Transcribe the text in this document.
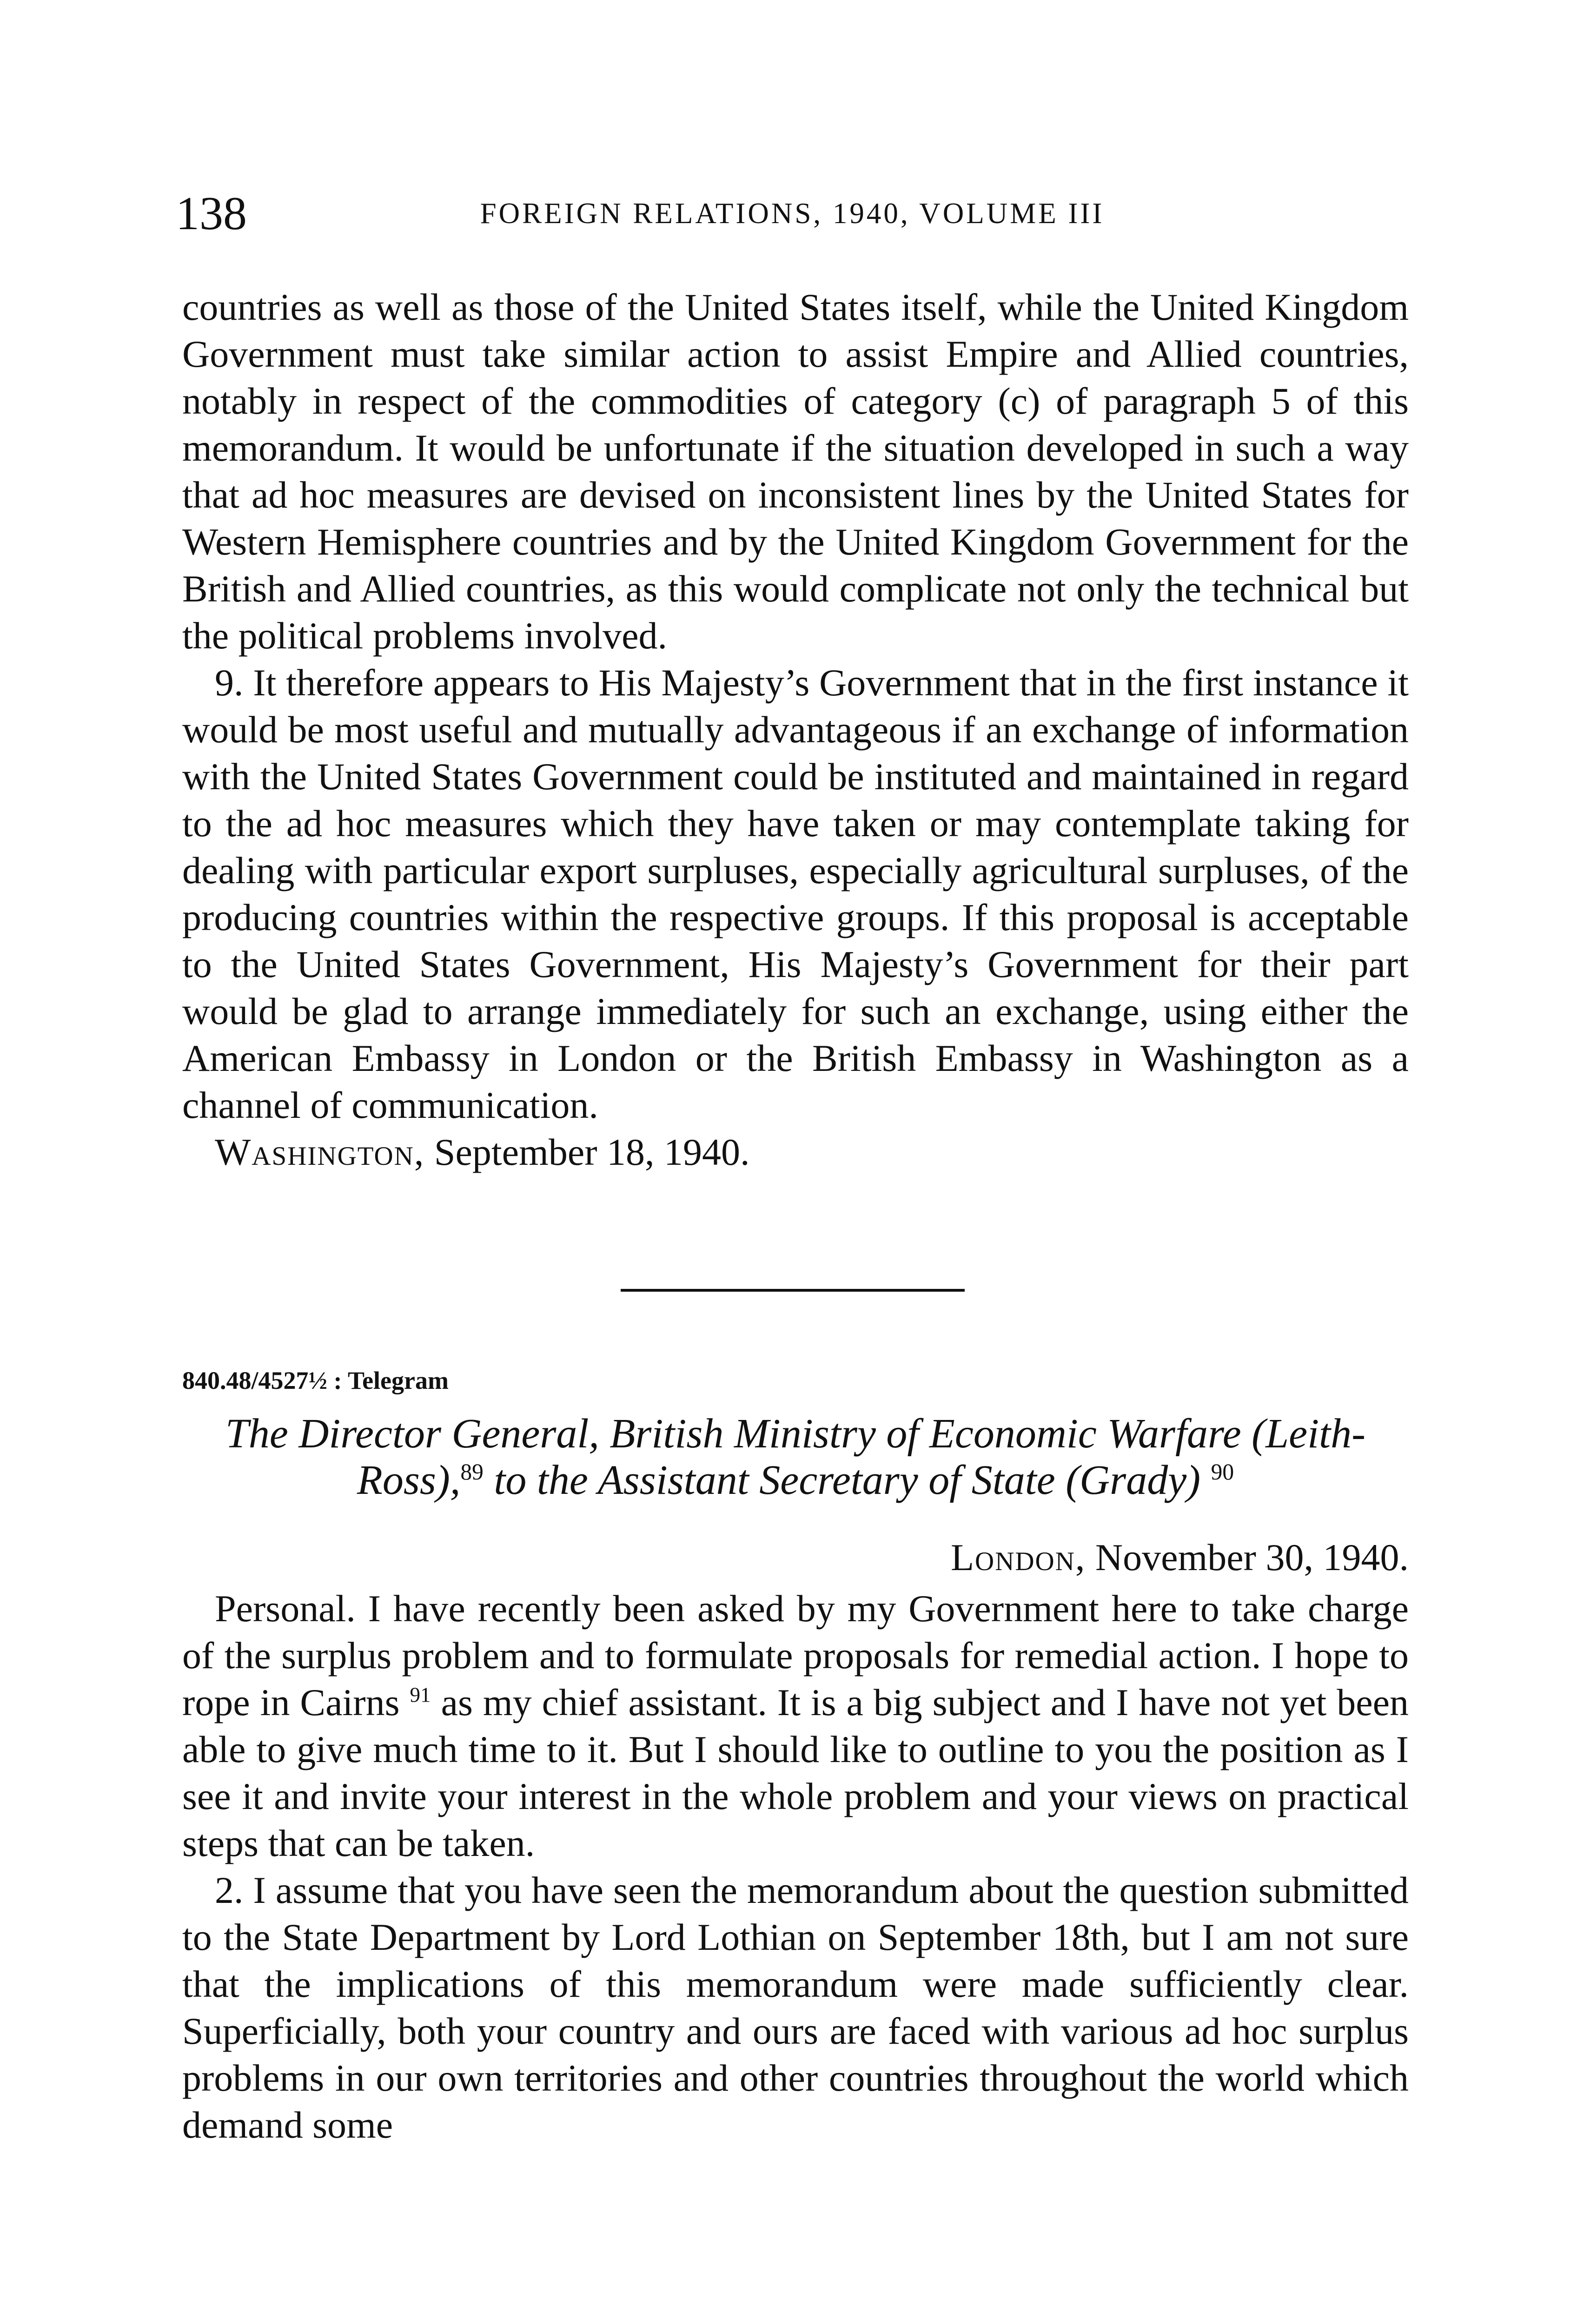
138	FOREIGN RELATIONS, 1940, VOLUME III

countries as well as those of the United States itself, while the United Kingdom Government must take similar action to assist Empire and Allied countries, notably in respect of the commodities of category (c) of paragraph 5 of this memorandum. It would be unfortunate if the situation developed in such a way that ad hoc measures are devised on inconsistent lines by the United States for Western Hemisphere countries and by the United Kingdom Government for the British and Allied countries, as this would complicate not only the technical but the political problems involved.

9. It therefore appears to His Majesty’s Government that in the first instance it would be most useful and mutually advantageous if an exchange of information with the United States Government could be instituted and maintained in regard to the ad hoc measures which they have taken or may contemplate taking for dealing with particular export surpluses, especially agricultural surpluses, of the producing countries within the respective groups. If this proposal is acceptable to the United States Government, His Majesty’s Government for their part would be glad to arrange immediately for such an exchange, using either the American Embassy in London or the British Embassy in Washington as a channel of communication.

Washington, September 18, 1940.

840.48/4527½ : Telegram
The Director General, British Ministry of Economic Warfare (Leith-
Ross),$^{89}$ to the Assistant Secretary of State (Grady) $^{90}$
London, November 30, 1940.

Personal. I have recently been asked by my Government here to take charge of the surplus problem and to formulate proposals for remedial action. I hope to rope in Cairns $^{91}$ as my chief assistant. It is a big subject and I have not yet been able to give much time to it. But I should like to outline to you the position as I see it and invite your interest in the whole problem and your views on practical steps that can be taken.

2. I assume that you have seen the memorandum about the question submitted to the State Department by Lord Lothian on September 18th, but I am not sure that the implications of this memorandum were made sufficiently clear. Superficially, both your country and ours are faced with various ad hoc surplus problems in our own territories and other countries throughout the world which demand some
